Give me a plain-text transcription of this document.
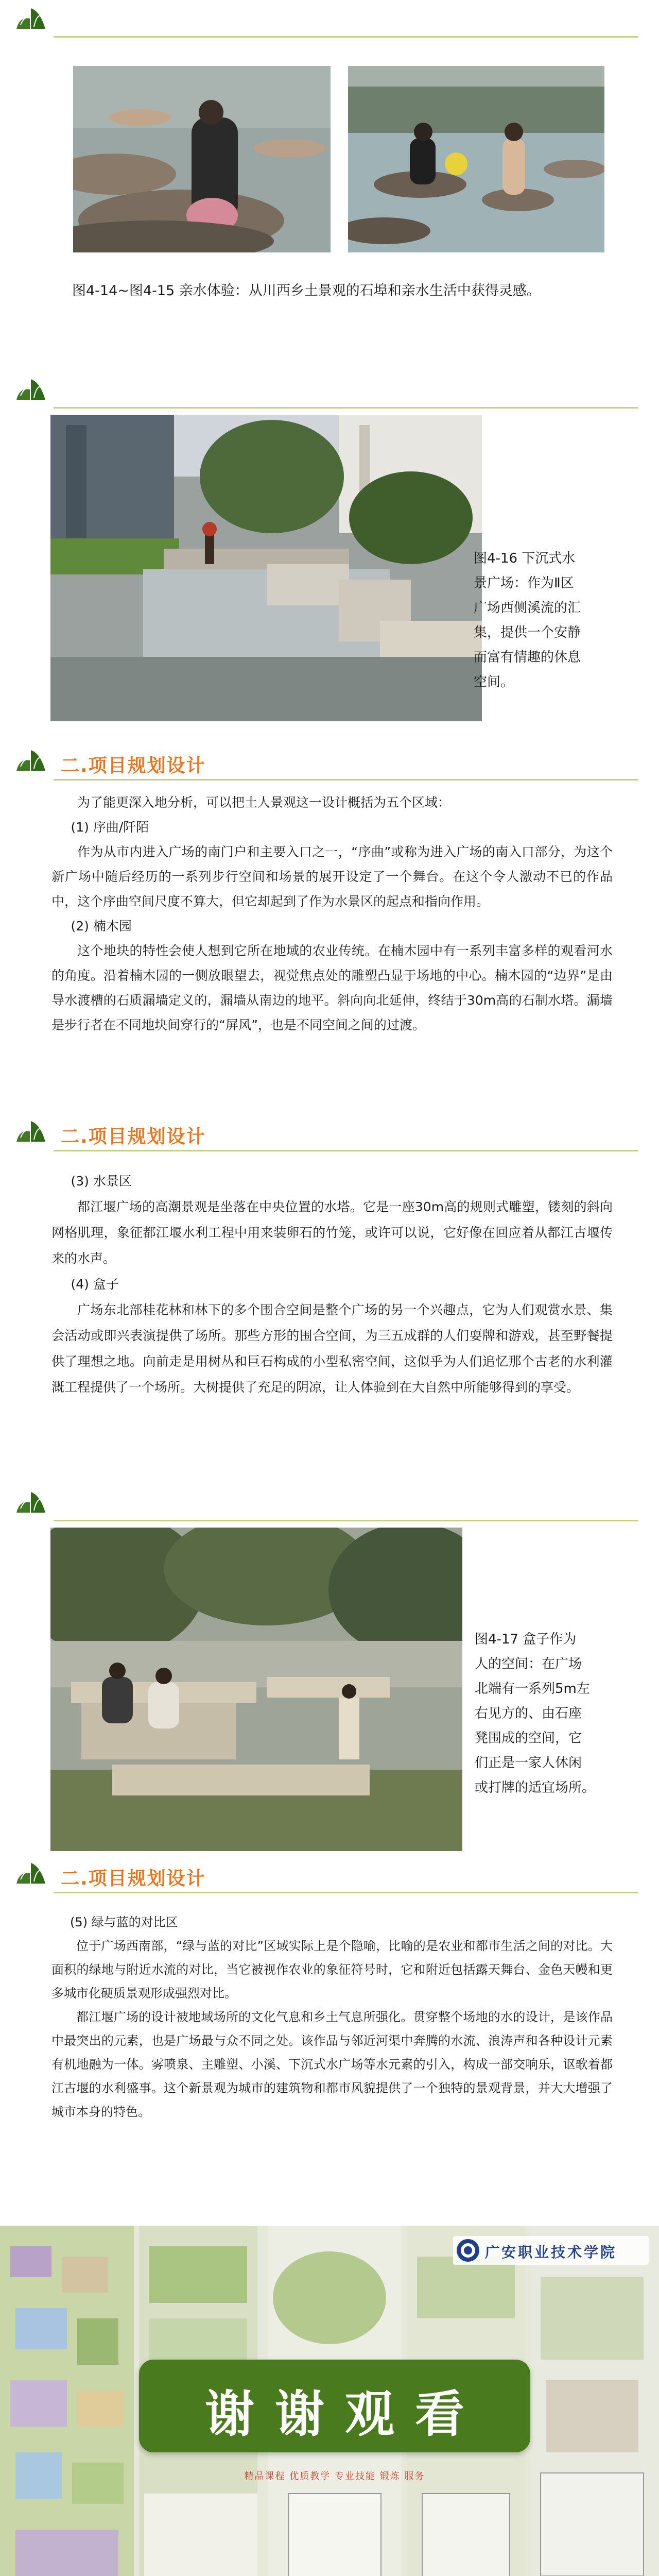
图4-14~图4-15 亲水体验：从川西乡土景观的石埠和亲水生活中获得灵感。
图4-16 下沉式水
景广场：作为Ⅱ区
广场西侧溪流的汇
集，提供一个安静
而富有情趣的休息
空间。
二.项目规划设计

为了能更深入地分析，可以把土人景观这一设计概括为五个区域：

(1) 序曲/阡陌

作为从市内进入广场的南门户和主要入口之一，“序曲”或称为进入广场的南入口部分，为这个新广场中随后经历的一系列步行空间和场景的展开设定了一个舞台。在这个令人激动不已的作品中，这个序曲空间尺度不算大，但它却起到了作为水景区的起点和指向作用。

(2) 楠木园

这个地块的特性会使人想到它所在地域的农业传统。在楠木园中有一系列丰富多样的观看河水的角度。沿着楠木园的一侧放眼望去，视觉焦点处的雕塑凸显于场地的中心。楠木园的“边界”是由导水渡槽的石质漏墙定义的，漏墙从南边的地平。斜向向北延伸，终结于30m高的石制水塔。漏墙是步行者在不同地块间穿行的“屏风”，也是不同空间之间的过渡。

二.项目规划设计

(3) 水景区

都江堰广场的高潮景观是坐落在中央位置的水塔。它是一座30m高的规则式雕塑，镂刻的斜向网格肌理，象征都江堰水利工程中用来装卵石的竹笼，或许可以说，它好像在回应着从都江古堰传来的水声。

(4) 盒子

广场东北部桂花林和林下的多个围合空间是整个广场的另一个兴趣点，它为人们观赏水景、集会活动或即兴表演提供了场所。那些方形的围合空间，为三五成群的人们耍牌和游戏，甚至野餐提供了理想之地。向前走是用树丛和巨石构成的小型私密空间，这似乎为人们追忆那个古老的水利灌溉工程提供了一个场所。大树提供了充足的阴凉，让人体验到在大自然中所能够得到的享受。

图4-17 盒子作为
人的空间：在广场
北端有一系列5m左
右见方的、由石座
凳围成的空间，它
们正是一家人休闲
或打牌的适宜场所。
二.项目规划设计

(5) 绿与蓝的对比区

位于广场西南部，“绿与蓝的对比”区域实际上是个隐喻，比喻的是农业和都市生活之间的对比。大面积的绿地与附近水流的对比，当它被视作农业的象征符号时，它和附近包括露天舞台、金色天幔和更多城市化硬质景观形成强烈对比。

都江堰广场的设计被地域场所的文化气息和乡土气息所强化。贯穿整个场地的水的设计，是该作品中最突出的元素，也是广场最与众不同之处。该作品与邻近河渠中奔腾的水流、浪涛声和各种设计元素有机地融为一体。雾喷泉、主雕塑、小溪、下沉式水广场等水元素的引入，构成一部交响乐，讴歌着都江古堰的水利盛事。这个新景观为城市的建筑物和都市风貌提供了一个独特的景观背景，并大大增强了城市本身的特色。

广安职业技术学院
谢谢观看
精品课程 优质教学 专业技能 锻炼 服务
